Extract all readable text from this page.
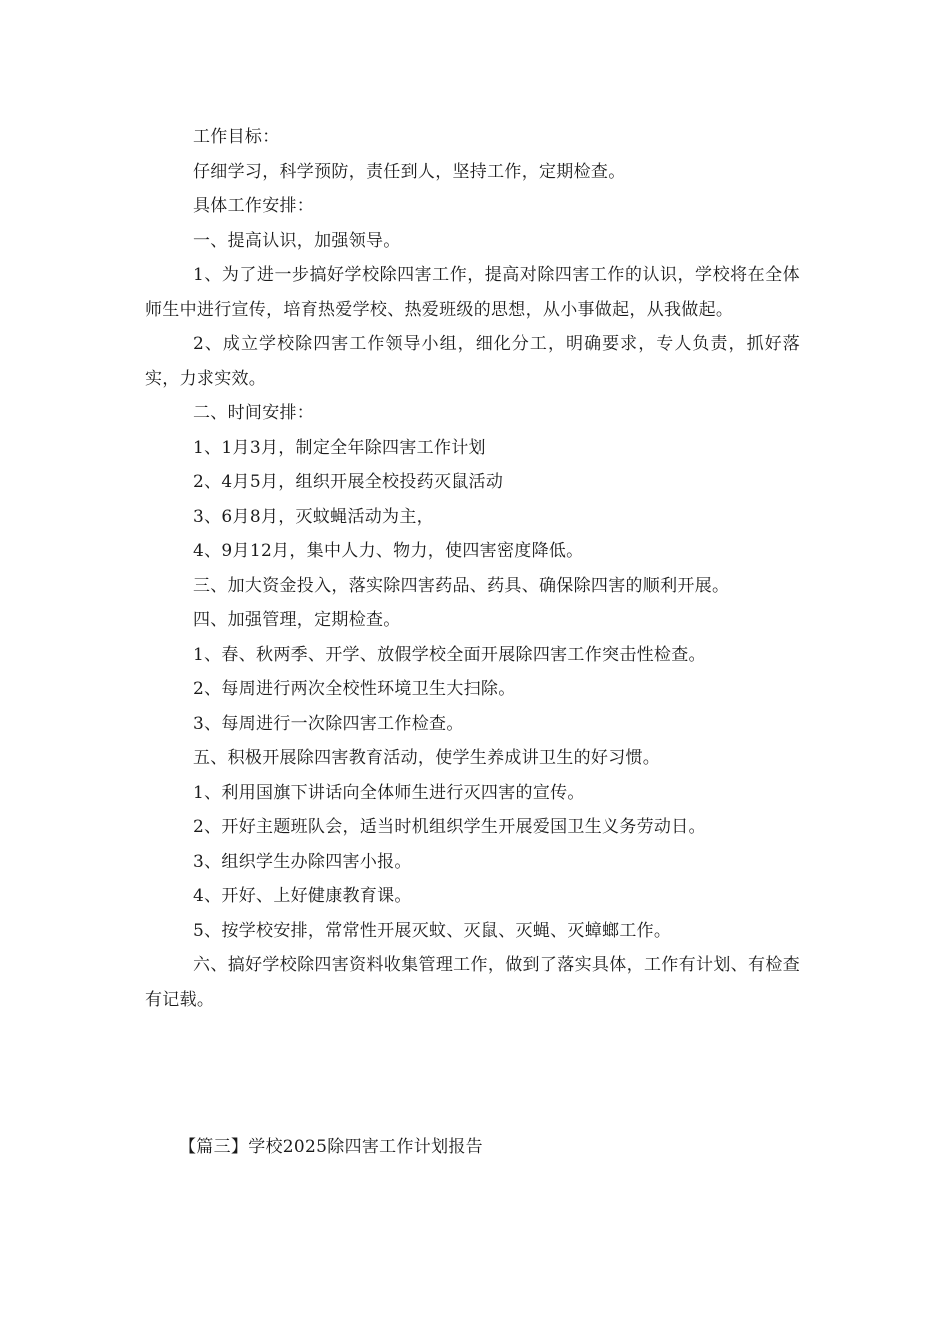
工作目标：

仔细学习，科学预防，责任到人，坚持工作，定期检查。

具体工作安排：

一、提高认识，加强领导。

1、为了进一步搞好学校除四害工作，提高对除四害工作的认识，学校将在全体师生中进行宣传，培育热爱学校、热爱班级的思想，从小事做起，从我做起。

2、成立学校除四害工作领导小组，细化分工，明确要求，专人负责，抓好落实，力求实效。

二、时间安排：

1、1月3月，制定全年除四害工作计划

2、4月5月，组织开展全校投药灭鼠活动

3、6月8月，灭蚊蝇活动为主，

4、9月12月，集中人力、物力，使四害密度降低。

三、加大资金投入，落实除四害药品、药具、确保除四害的顺利开展。

四、加强管理，定期检查。

1、春、秋两季、开学、放假学校全面开展除四害工作突击性检查。

2、每周进行两次全校性环境卫生大扫除。

3、每周进行一次除四害工作检查。

五、积极开展除四害教育活动，使学生养成讲卫生的好习惯。

1、利用国旗下讲话向全体师生进行灭四害的宣传。

2、开好主题班队会，适当时机组织学生开展爱国卫生义务劳动日。

3、组织学生办除四害小报。

4、开好、上好健康教育课。

5、按学校安排，常常性开展灭蚊、灭鼠、灭蝇、灭蟑螂工作。

六、搞好学校除四害资料收集管理工作，做到了落实具体，工作有计划、有检查有记载。

【篇三】学校2025除四害工作计划报告
